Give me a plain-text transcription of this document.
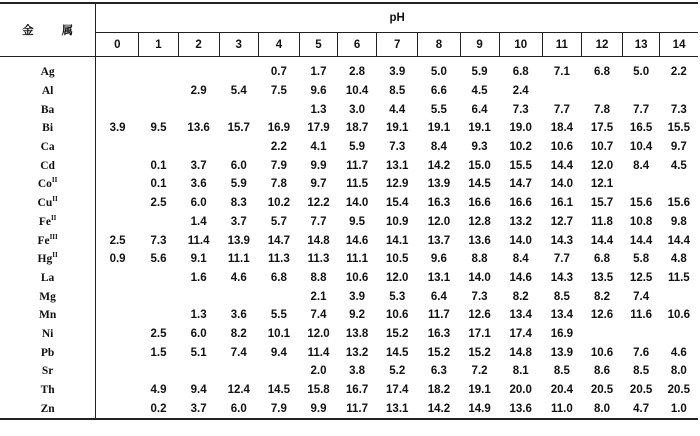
金 属	pH														
	0	1	2	3	4	5	6	7	8	9	10	11	12	13	14
Ag					0.7	1.7	2.8	3.9	5.0	5.9	6.8	7.1	6.8	5.0	2.2
Al			2.9	5.4	7.5	9.6	10.4	8.5	6.6	4.5	2.4				
Ba						1.3	3.0	4.4	5.5	6.4	7.3	7.7	7.8	7.7	7.3
Bi	3.9	9.5	13.6	15.7	16.9	17.9	18.7	19.1	19.1	19.1	19.0	18.4	17.5	16.5	15.5
Ca					2.2	4.1	5.9	7.3	8.4	9.3	10.2	10.6	10.7	10.4	9.7
Cd		0.1	3.7	6.0	7.9	9.9	11.7	13.1	14.2	15.0	15.5	14.4	12.0	8.4	4.5
$Co^{II}$		0.1	3.6	5.9	7.8	9.7	11.5	12.9	13.9	14.5	14.7	14.0	12.1		
$Cu^{II}$		2.5	6.0	8.3	10.2	12.2	14.0	15.4	16.3	16.6	16.6	16.1	15.7	15.6	15.6
$Fe^{II}$			1.4	3.7	5.7	7.7	9.5	10.9	12.0	12.8	13.2	12.7	11.8	10.8	9.8
$Fe^{III}$	2.5	7.3	11.4	13.9	14.7	14.8	14.6	14.1	13.7	13.6	14.0	14.3	14.4	14.4	14.4
$Hg^{II}$	0.9	5.6	9.1	11.1	11.3	11.3	11.1	10.5	9.6	8.8	8.4	7.7	6.8	5.8	4.8
La			1.6	4.6	6.8	8.8	10.6	12.0	13.1	14.0	14.6	14.3	13.5	12.5	11.5
Mg						2.1	3.9	5.3	6.4	7.3	8.2	8.5	8.2	7.4	
Mn			1.3	3.6	5.5	7.4	9.2	10.6	11.7	12.6	13.4	13.4	12.6	11.6	10.6
Ni		2.5	6.0	8.2	10.1	12.0	13.8	15.2	16.3	17.1	17.4	16.9			
Pb		1.5	5.1	7.4	9.4	11.4	13.2	14.5	15.2	15.2	14.8	13.9	10.6	7.6	4.6
Sr						2.0	3.8	5.2	6.3	7.2	8.1	8.5	8.6	8.5	8.0
Th		4.9	9.4	12.4	14.5	15.8	16.7	17.4	18.2	19.1	20.0	20.4	20.5	20.5	20.5
Zn		0.2	3.7	6.0	7.9	9.9	11.7	13.1	14.2	14.9	13.6	11.0	8.0	4.7	1.0
